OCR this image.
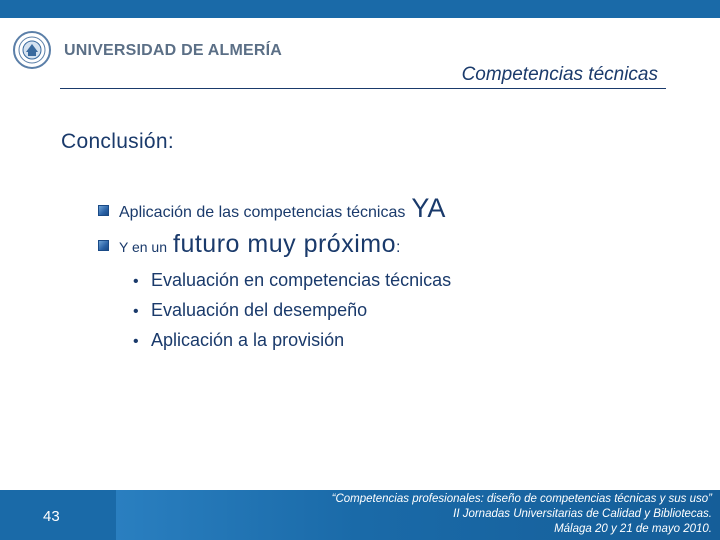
UNIVERSIDAD DE ALMERÍA
Competencias técnicas
Conclusión:
Aplicación de las competencias técnicas YA
Y en un futuro muy próximo :
• Evaluación en competencias técnicas
• Evaluación del desempeño
• Aplicación a la provisión
43
“Competencias profesionales: diseño de competencias técnicas y sus uso”
II Jornadas Universitarias de Calidad y Bibliotecas.
Málaga 20 y 21 de mayo 2010.
